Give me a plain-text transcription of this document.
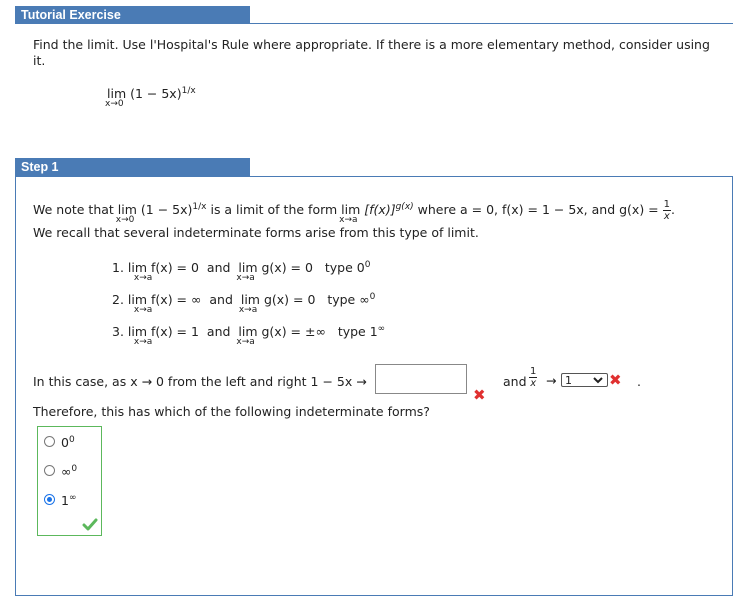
Tutorial Exercise
Find the limit. Use l'Hospital's Rule where appropriate. If there is a more elementary method, consider using
it.
lim
x→0
$(1 - 5x)^{1/x}$
Step 1
We note that lim
x→0
$(1 - 5x)^{1/x}$ is a limit of the form lim
x→a
$[f(x)]^{g(x)}$ where a = 0, f(x) = 1 − 5x, and $g(x) = \frac{1}{x}$ .
We recall that several indeterminate forms arise from this type of limit.
1. lim f(x) = 0
x→a
and lim g(x) = 0
x→a
type $0^0$
2. lim f(x) = ∞
x→a
and lim g(x) = 0
x→a
type ∞$^0$
3. lim f(x) = 1
x→a
and lim g(x) = ±∞
x→a
type 1∞
In this case, as x → 0 from the left and right 1 − 5x →
✖
and $\frac{1}{x} \to 1$	✖ .
Therefore, this has which of the following indeterminate forms?
$0^0$
∞$^0$
1∞
